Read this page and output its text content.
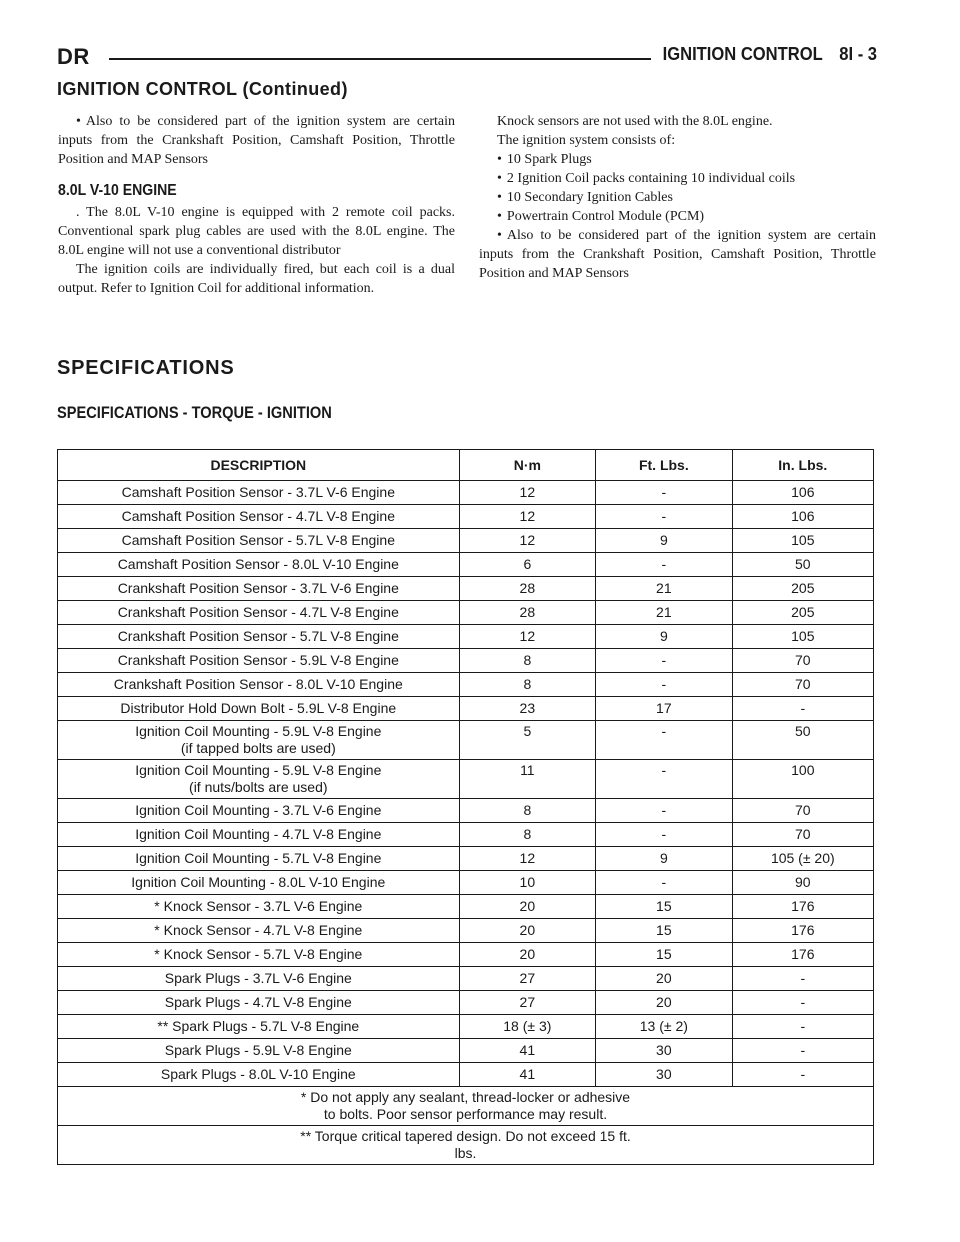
DR	IGNITION CONTROL 8I - 3
IGNITION CONTROL (Continued)

• Also to be considered part of the ignition system are certain inputs from the Crankshaft Position, Camshaft Position, Throttle Position and MAP Sensors

8.0L V-10 ENGINE

. The 8.0L V-10 engine is equipped with 2 remote coil packs. Conventional spark plug cables are used with the 8.0L engine. The 8.0L engine will not use a conventional distributor

The ignition coils are individually fired, but each coil is a dual output. Refer to Ignition Coil for additional information.

Knock sensors are not used with the 8.0L engine.

The ignition system consists of:

• 10 Spark Plugs

• 2 Ignition Coil packs containing 10 individual coils

• 10 Secondary Ignition Cables

• Powertrain Control Module (PCM)

• Also to be considered part of the ignition system are certain inputs from the Crankshaft Position, Camshaft Position, Throttle Position and MAP Sensors

SPECIFICATIONS
SPECIFICATIONS - TORQUE - IGNITION
DESCRIPTION	N·m	Ft. Lbs.	In. Lbs.

Camshaft Position Sensor - 3.7L V-6 Engine	12	-	106

Camshaft Position Sensor - 4.7L V-8 Engine	12	-	106

Camshaft Position Sensor - 5.7L V-8 Engine	12	9	105

Camshaft Position Sensor - 8.0L V-10 Engine	6	-	50

Crankshaft Position Sensor - 3.7L V-6 Engine	28	21	205

Crankshaft Position Sensor - 4.7L V-8 Engine	28	21	205

Crankshaft Position Sensor - 5.7L V-8 Engine	12	9	105

Crankshaft Position Sensor - 5.9L V-8 Engine	8	-	70

Crankshaft Position Sensor - 8.0L V-10 Engine	8	-	70

Distributor Hold Down Bolt - 5.9L V-8 Engine	23	17	-

Ignition Coil Mounting - 5.9L V-8 Engine
(if tapped bolts are used)	5	-	50

Ignition Coil Mounting - 5.9L V-8 Engine
(if nuts/bolts are used)	11	-	100

Ignition Coil Mounting - 3.7L V-6 Engine	8	-	70

Ignition Coil Mounting - 4.7L V-8 Engine	8	-	70

Ignition Coil Mounting - 5.7L V-8 Engine	12	9	105 (± 20)

Ignition Coil Mounting - 8.0L V-10 Engine	10	-	90

* Knock Sensor - 3.7L V-6 Engine	20	15	176

* Knock Sensor - 4.7L V-8 Engine	20	15	176

* Knock Sensor - 5.7L V-8 Engine	20	15	176

Spark Plugs - 3.7L V-6 Engine	27	20	-

Spark Plugs - 4.7L V-8 Engine	27	20	-

** Spark Plugs - 5.7L V-8 Engine	18 (± 3)	13 (± 2)	-

Spark Plugs - 5.9L V-8 Engine	41	30	-

Spark Plugs - 8.0L V-10 Engine	41	30	-

* Do not apply any sealant, thread-locker or adhesive
to bolts. Poor sensor performance may result.			

** Torque critical tapered design. Do not exceed 15 ft.
lbs.			
